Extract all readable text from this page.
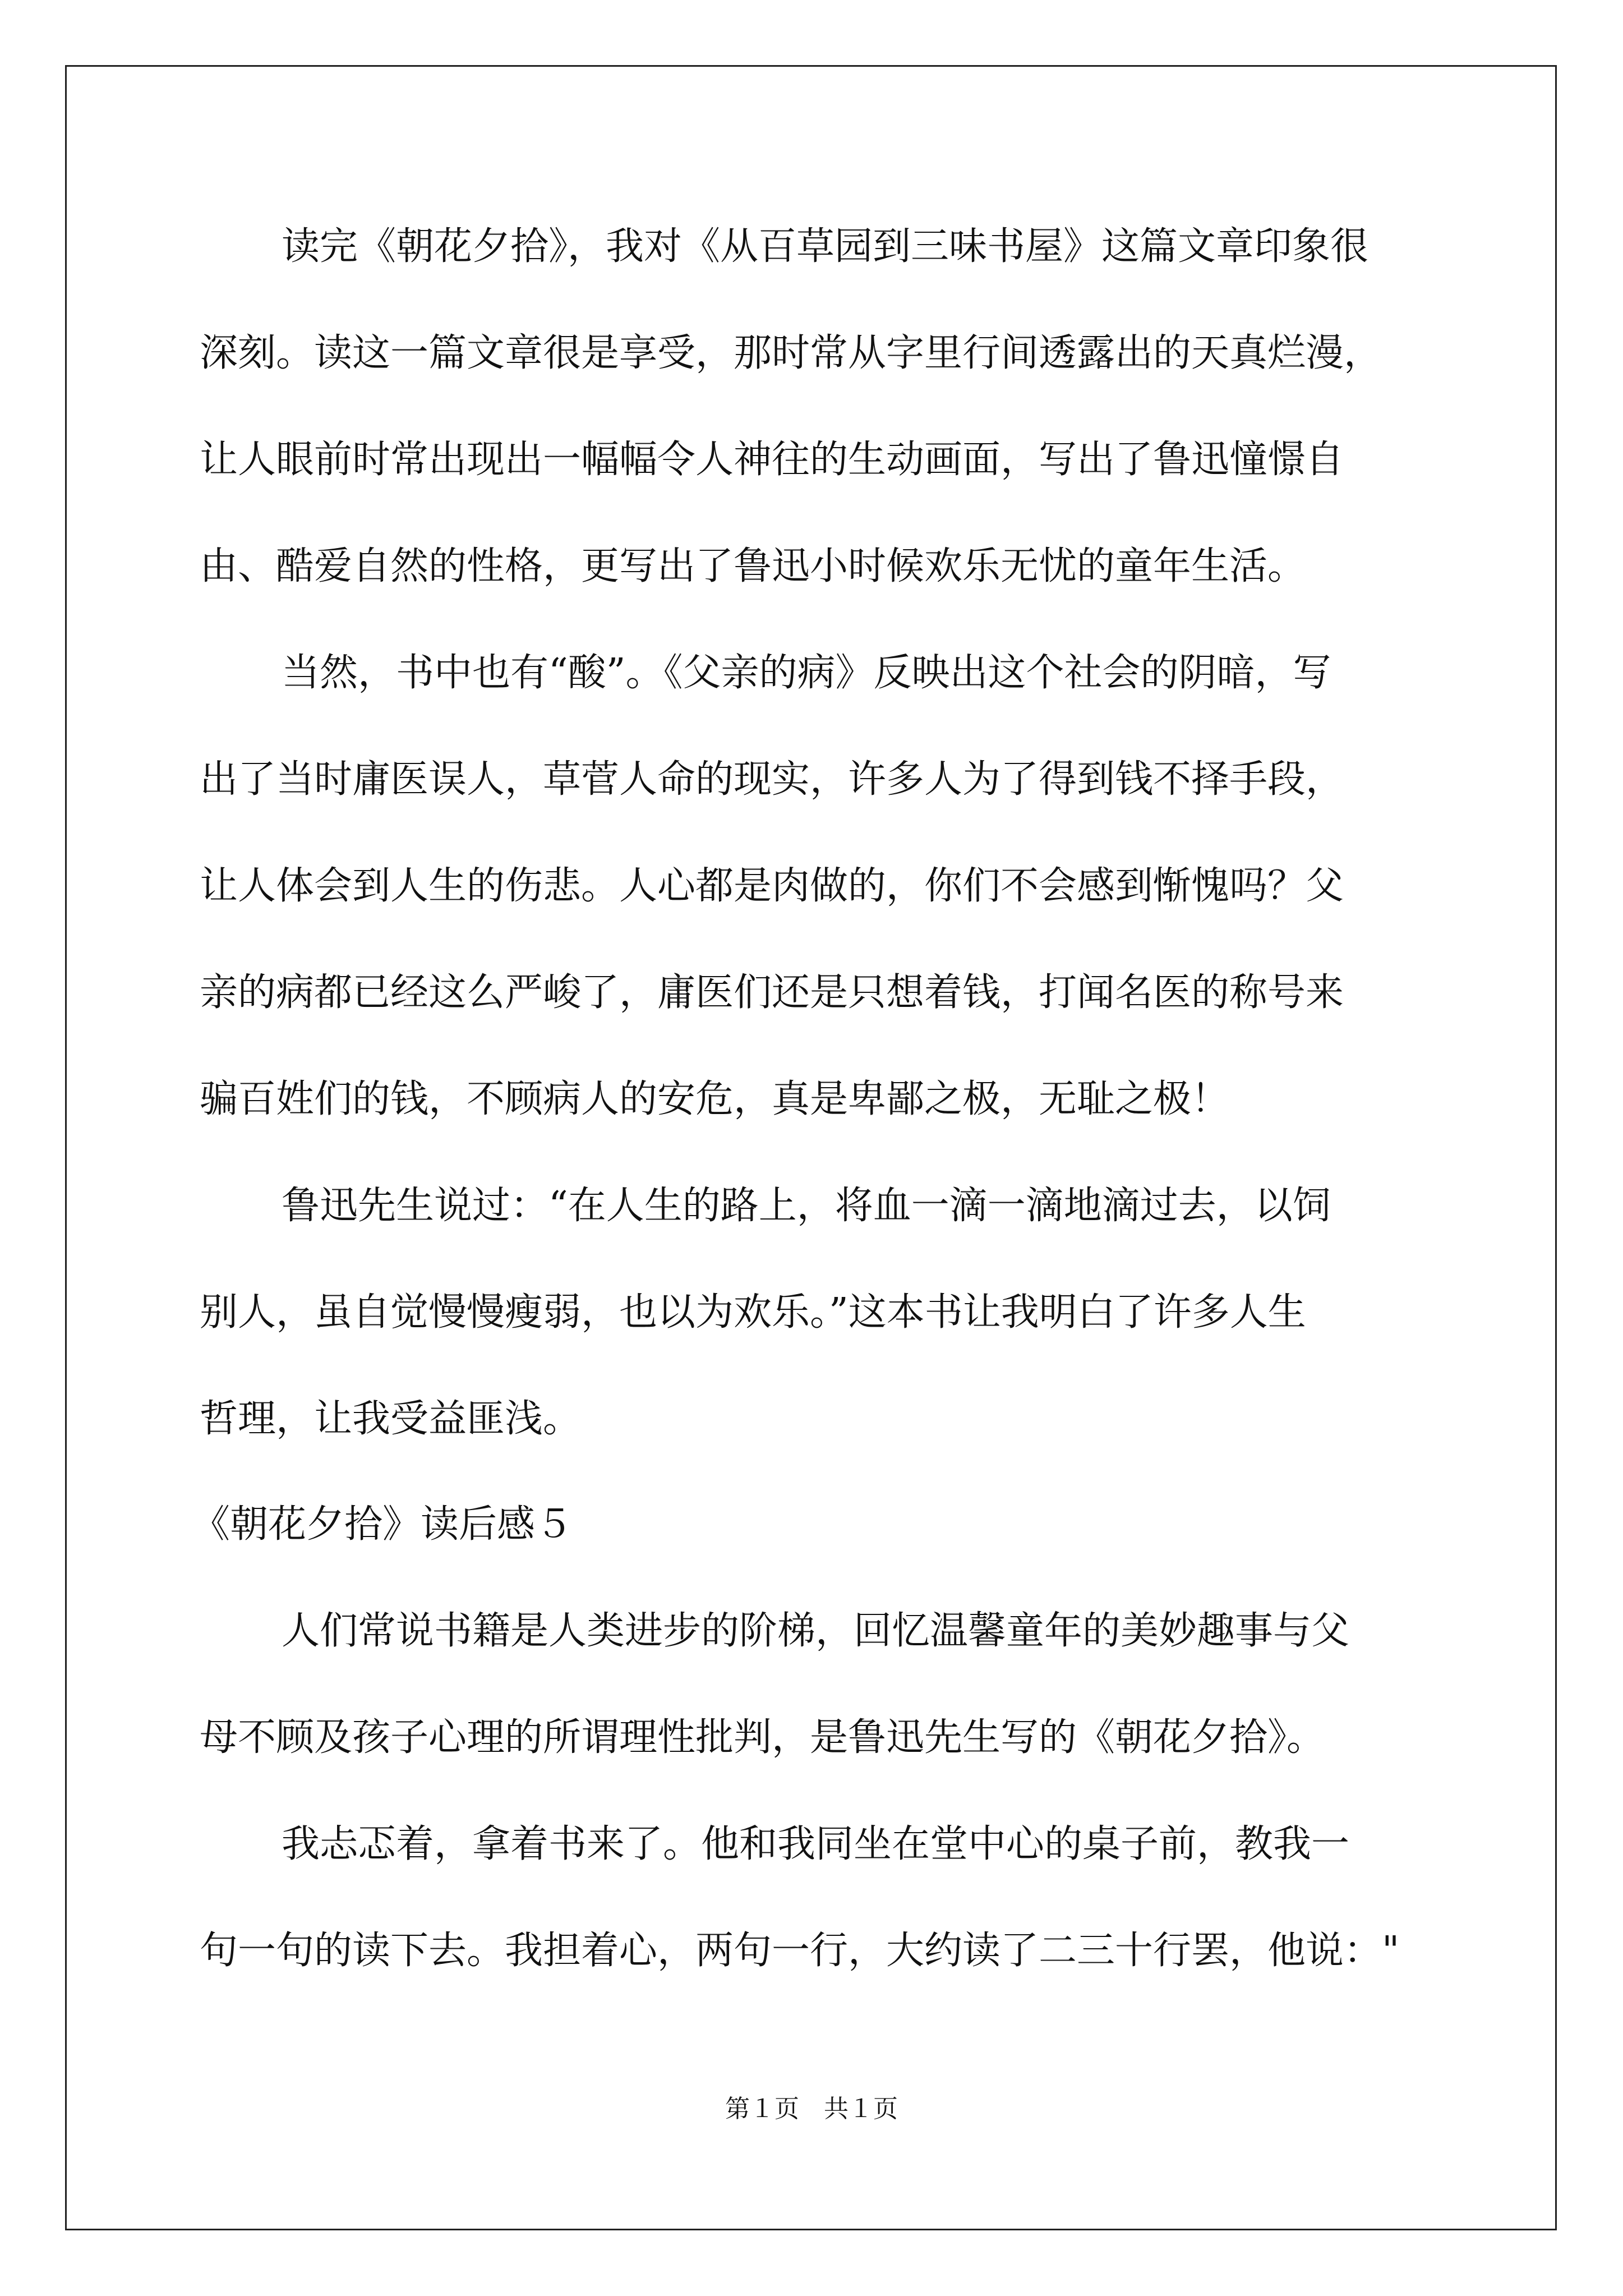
读完《朝花夕拾》，我对《从百草园到三味书屋》这篇文章印象很
深刻。读这一篇文章很是享受，那时常从字里行间透露出的天真烂漫，
让人眼前时常出现出一幅幅令人神往的生动画面，写出了鲁迅憧憬自
由、酷爱自然的性格，更写出了鲁迅小时候欢乐无忧的童年生活。
当然，书中也有“酸”。《父亲的病》反映出这个社会的阴暗，写
出了当时庸医误人，草菅人命的现实，许多人为了得到钱不择手段，
让人体会到人生的伤悲。人心都是肉做的，你们不会感到惭愧吗？父
亲的病都已经这么严峻了，庸医们还是只想着钱，打闻名医的称号来
骗百姓们的钱，不顾病人的安危，真是卑鄙之极，无耻之极！
鲁迅先生说过：“在人生的路上，将血一滴一滴地滴过去，以饲
别人，虽自觉慢慢瘦弱，也以为欢乐。”这本书让我明白了许多人生
哲理，让我受益匪浅。
《朝花夕拾》读后感５
人们常说书籍是人类进步的阶梯，回忆温馨童年的美妙趣事与父
母不顾及孩子心理的所谓理性批判，是鲁迅先生写的《朝花夕拾》。
我忐忑着，拿着书来了。他和我同坐在堂中心的桌子前，教我一
句一句的读下去。我担着心，两句一行，大约读了二三十行罢，他说："
第１页　共１页
